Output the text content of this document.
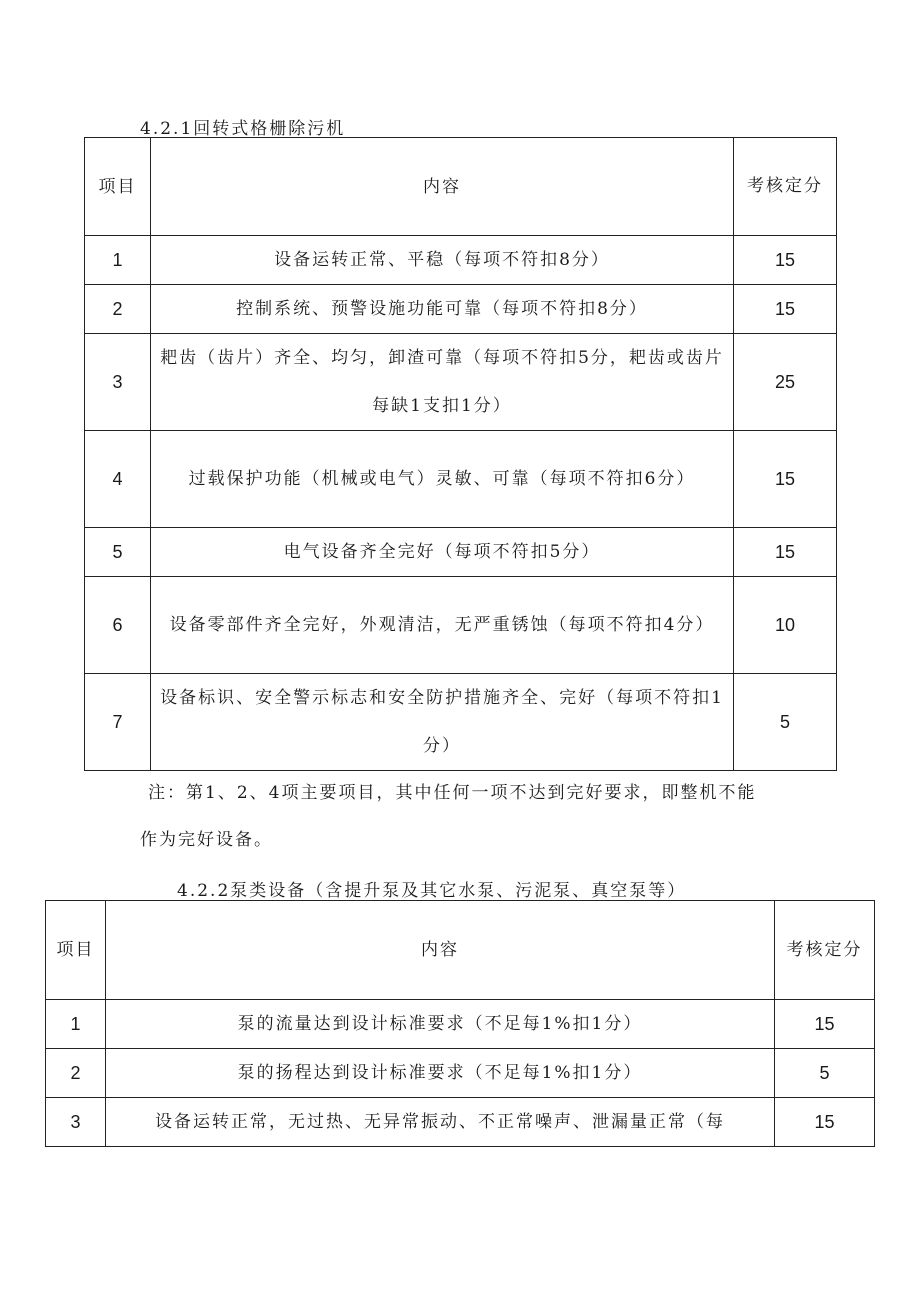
4.2.1回转式格栅除污机
项目	内容	考核定分
1	设备运转正常、平稳（每项不符扣8分）	15
2	控制系统、预警设施功能可靠（每项不符扣8分）	15
3	耙齿（齿片）齐全、均匀，卸渣可靠（每项不符扣5分，耙齿或齿片每缺1支扣1分）	25
4	过载保护功能（机械或电气）灵敏、可靠（每项不符扣6分）	15
5	电气设备齐全完好（每项不符扣5分）	15
6	设备零部件齐全完好，外观清洁，无严重锈蚀（每项不符扣4分）	10
7	设备标识、安全警示标志和安全防护措施齐全、完好（每项不符扣1分）	5
注：第1、2、4项主要项目，其中任何一项不达到完好要求，即整机不能作为完好设备。
4.2.2泵类设备（含提升泵及其它水泵、污泥泵、真空泵等）
项目	内容	考核定分
1	泵的流量达到设计标准要求（不足每1%扣1分）	15
2	泵的扬程达到设计标准要求（不足每1%扣1分）	5
3	设备运转正常，无过热、无异常振动、不正常噪声、泄漏量正常（每	15
